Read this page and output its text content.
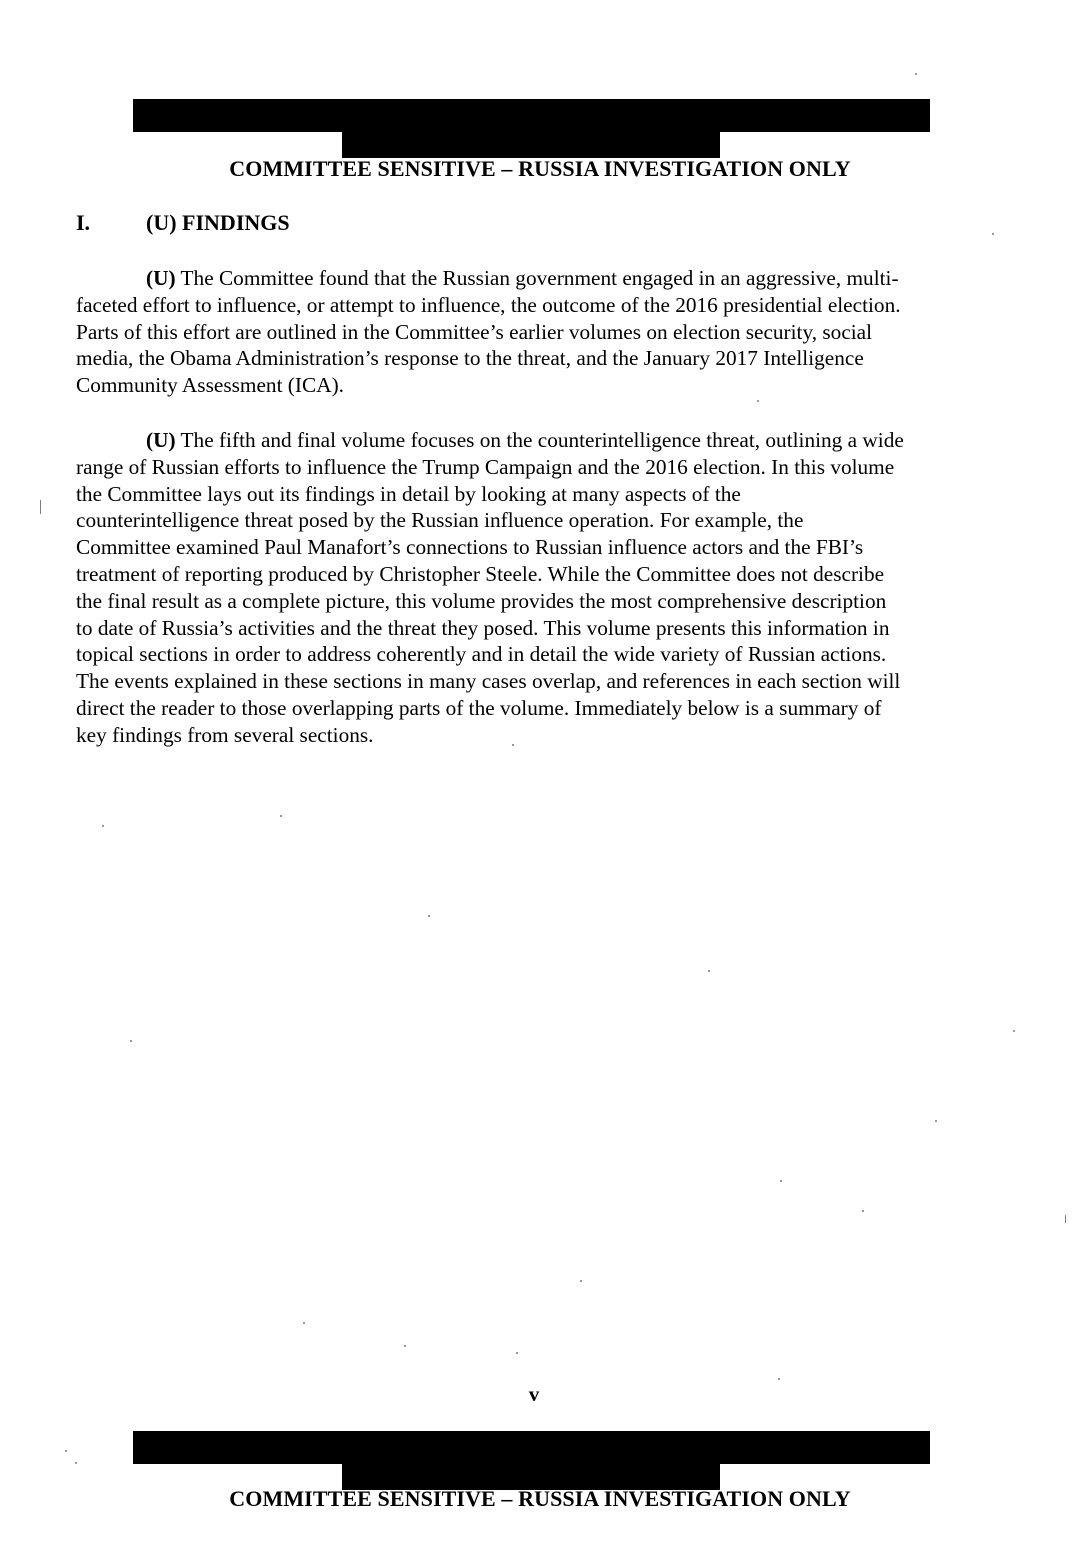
COMMITTEE SENSITIVE – RUSSIA INVESTIGATION ONLY
I.	(U) FINDINGS
(U) The Committee found that the Russian government engaged in an aggressive, multi-
faceted effort to influence, or attempt to influence, the outcome of the 2016 presidential election.
Parts of this effort are outlined in the Committee’s earlier volumes on election security, social
media, the Obama Administration’s response to the threat, and the January 2017 Intelligence
Community Assessment (ICA).
(U) The fifth and final volume focuses on the counterintelligence threat, outlining a wide
range of Russian efforts to influence the Trump Campaign and the 2016 election. In this volume
the Committee lays out its findings in detail by looking at many aspects of the
counterintelligence threat posed by the Russian influence operation. For example, the
Committee examined Paul Manafort’s connections to Russian influence actors and the FBI’s
treatment of reporting produced by Christopher Steele. While the Committee does not describe
the final result as a complete picture, this volume provides the most comprehensive description
to date of Russia’s activities and the threat they posed. This volume presents this information in
topical sections in order to address coherently and in detail the wide variety of Russian actions.
The events explained in these sections in many cases overlap, and references in each section will
direct the reader to those overlapping parts of the volume. Immediately below is a summary of
key findings from several sections.
v
COMMITTEE SENSITIVE – RUSSIA INVESTIGATION ONLY
